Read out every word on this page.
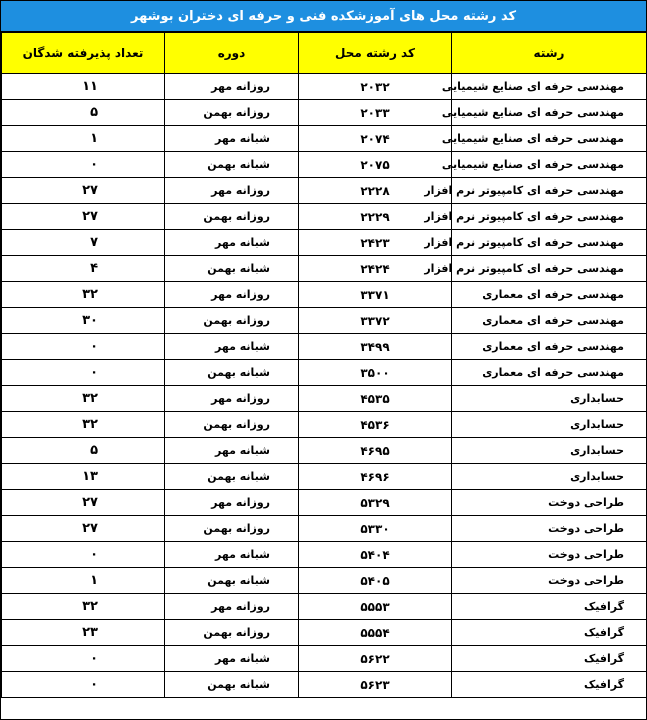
کد رشته محل های آموزشکده فنی و حرفه ای دختران بوشهر
رشته	کد رشته محل	دوره	تعداد پذیرفته شدگان
مهندسی حرفه ای صنایع شیمیایی	۲۰۳۲	روزانه مهر	۱۱
مهندسی حرفه ای صنایع شیمیایی	۲۰۳۳	روزانه بهمن	۵
مهندسی حرفه ای صنایع شیمیایی	۲۰۷۴	شبانه مهر	۱
مهندسی حرفه ای صنایع شیمیایی	۲۰۷۵	شبانه بهمن	۰
مهندسی حرفه ای کامپیوتر نرم افزار	۲۲۲۸	روزانه مهر	۲۷
مهندسی حرفه ای کامپیوتر نرم افزار	۲۲۲۹	روزانه بهمن	۲۷
مهندسی حرفه ای کامپیوتر نرم افزار	۲۴۲۳	شبانه مهر	۷
مهندسی حرفه ای کامپیوتر نرم افزار	۲۴۲۴	شبانه بهمن	۴
مهندسی حرفه ای معماری	۳۳۷۱	روزانه مهر	۳۲
مهندسی حرفه ای معماری	۳۳۷۲	روزانه بهمن	۳۰
مهندسی حرفه ای معماری	۳۴۹۹	شبانه مهر	۰
مهندسی حرفه ای معماری	۳۵۰۰	شبانه بهمن	۰
حسابداری	۴۵۳۵	روزانه مهر	۳۲
حسابداری	۴۵۳۶	روزانه بهمن	۳۲
حسابداری	۴۶۹۵	شبانه مهر	۵
حسابداری	۴۶۹۶	شبانه بهمن	۱۳
طراحی دوخت	۵۳۲۹	روزانه مهر	۲۷
طراحی دوخت	۵۳۳۰	روزانه بهمن	۲۷
طراحی دوخت	۵۴۰۴	شبانه مهر	۰
طراحی دوخت	۵۴۰۵	شبانه بهمن	۱
گرافیک	۵۵۵۳	روزانه مهر	۳۲
گرافیک	۵۵۵۴	روزانه بهمن	۲۳
گرافیک	۵۶۲۲	شبانه مهر	۰
گرافیک	۵۶۲۳	شبانه بهمن	۰
